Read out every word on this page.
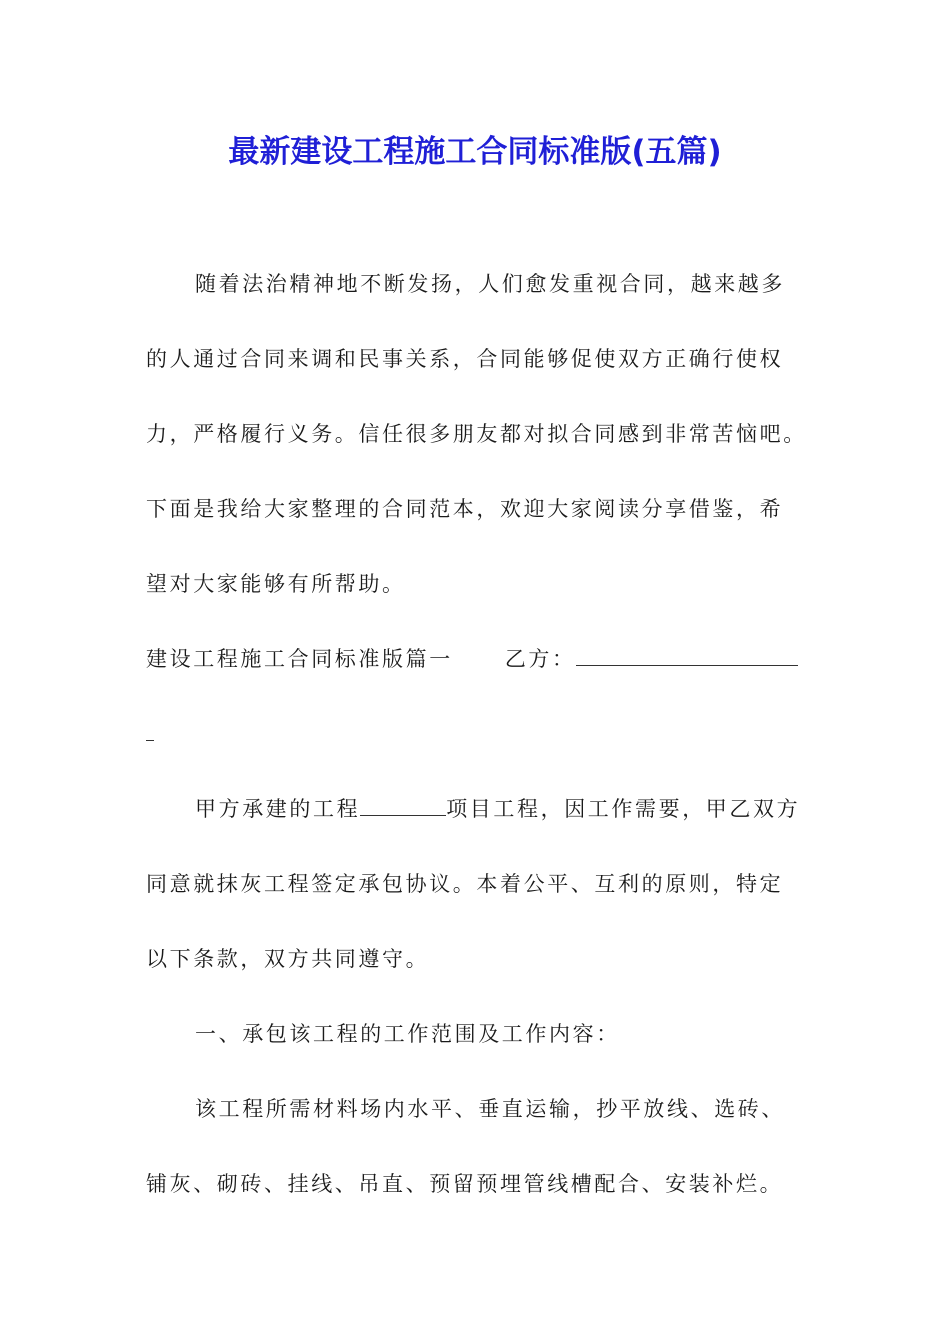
最新建设工程施工合同标准版(五篇)
随着法治精神地不断发扬，人们愈发重视合同，越来越多
的人通过合同来调和民事关系，合同能够促使双方正确行使权
力，严格履行义务。信任很多朋友都对拟合同感到非常苦恼吧。
下面是我给大家整理的合同范本，欢迎大家阅读分享借鉴，希
望对大家能够有所帮助。
建设工程施工合同标准版篇一 乙方：
甲方承建的工程	项目工程，因工作需要，甲乙双方
同意就抹灰工程签定承包协议。本着公平、互利的原则，特定
以下条款，双方共同遵守。
一、承包该工程的工作范围及工作内容：
该工程所需材料场内水平、垂直运输，抄平放线、选砖、
铺灰、砌砖、挂线、吊直、预留预埋管线槽配合、安装补烂。
